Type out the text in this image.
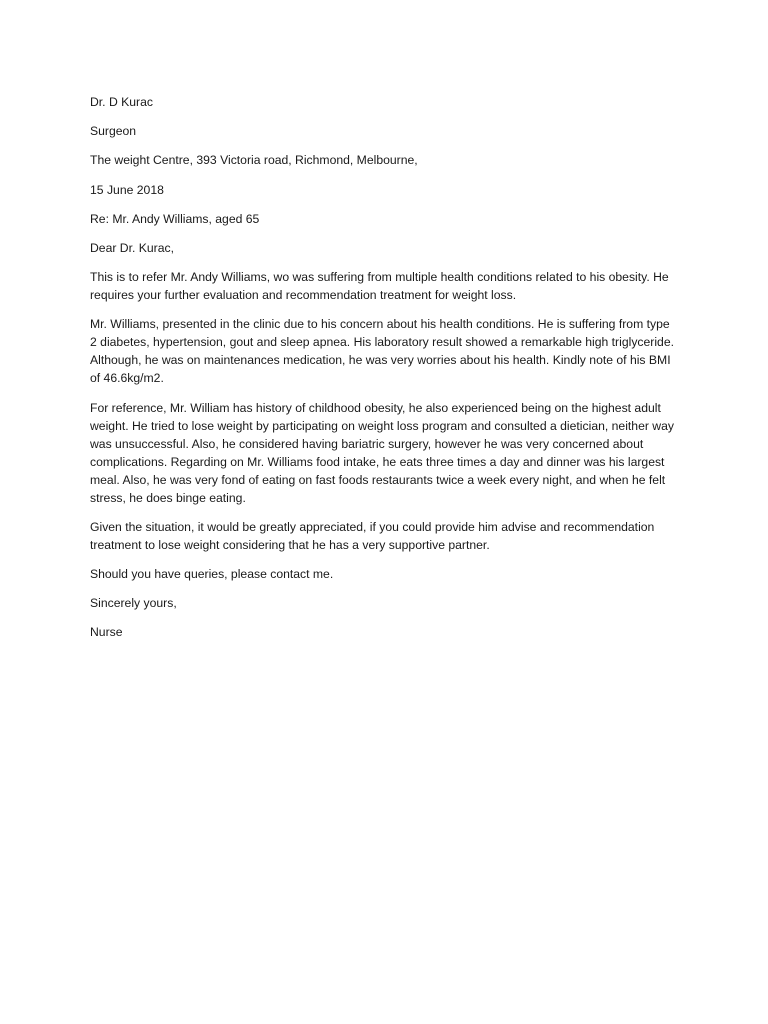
Dr. D Kurac

Surgeon

The weight Centre, 393 Victoria road, Richmond, Melbourne,

15 June 2018

Re: Mr. Andy Williams, aged 65

Dear Dr. Kurac,

This is to refer Mr. Andy Williams, wo was suffering from multiple health conditions related to his obesity. He requires your further evaluation and recommendation treatment for weight loss.

Mr. Williams, presented in the clinic due to his concern about his health conditions. He is suffering from type 2 diabetes, hypertension, gout and sleep apnea. His laboratory result showed a remarkable high triglyceride. Although, he was on maintenances medication, he was very worries about his health. Kindly note of his BMI of 46.6kg/m2.

For reference, Mr. William has history of childhood obesity, he also experienced being on the highest adult weight. He tried to lose weight by participating on weight loss program and consulted a dietician, neither way was unsuccessful. Also, he considered having bariatric surgery, however he was very concerned about complications. Regarding on Mr. Williams food intake, he eats three times a day and dinner was his largest meal. Also, he was very fond of eating on fast foods restaurants twice a week every night, and when he felt stress, he does binge eating.

Given the situation, it would be greatly appreciated, if you could provide him advise and recommendation treatment to lose weight considering that he has a very supportive partner.

Should you have queries, please contact me.

Sincerely yours,

Nurse
